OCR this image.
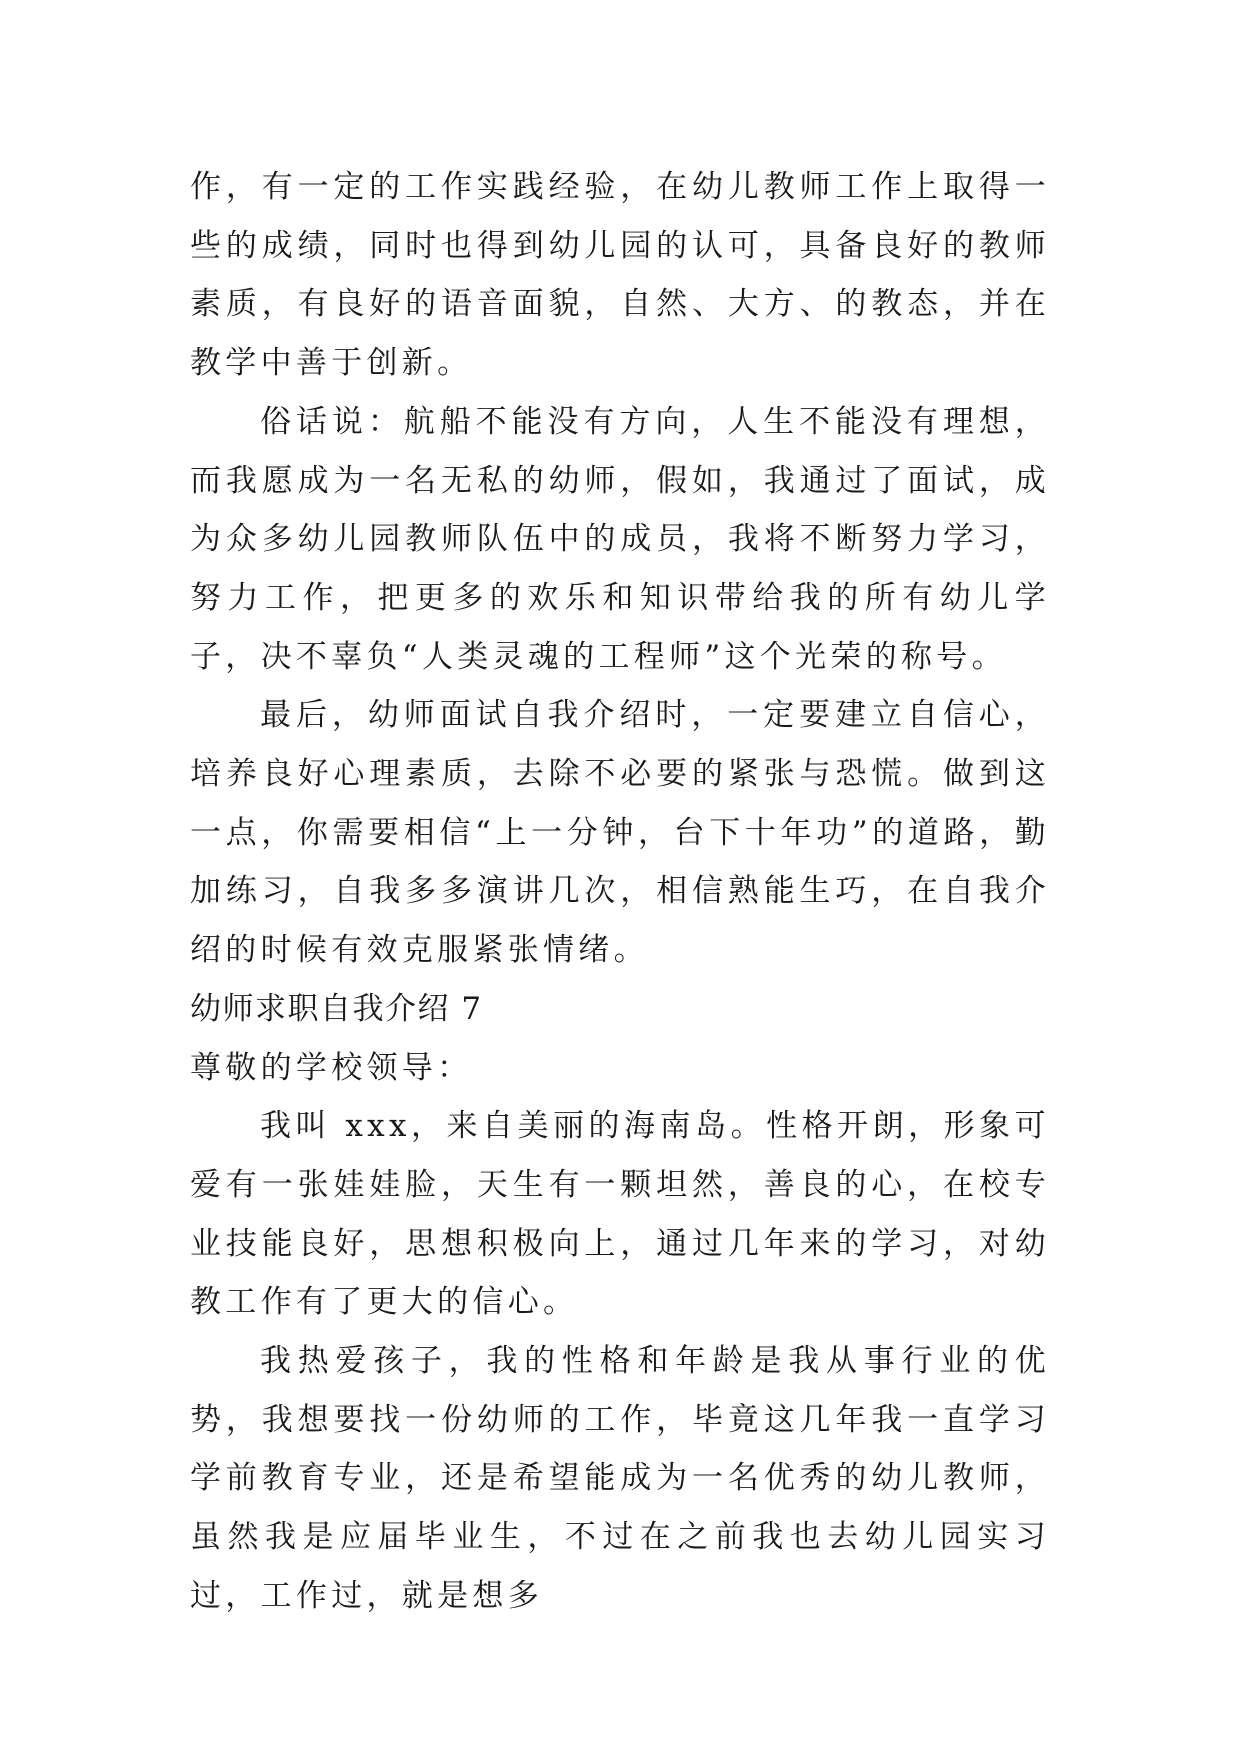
作，有一定的工作实践经验，在幼儿教师工作上取得一些的成绩，同时也得到幼儿园的认可，具备良好的教师素质，有良好的语音面貌，自然、大方、的教态，并在教学中善于创新。

俗话说：航船不能没有方向，人生不能没有理想，而我愿成为一名无私的幼师，假如，我通过了面试，成为众多幼儿园教师队伍中的成员，我将不断努力学习，努力工作，把更多的欢乐和知识带给我的所有幼儿学子，决不辜负“人类灵魂的工程师”这个光荣的称号。

最后，幼师面试自我介绍时，一定要建立自信心，培养良好心理素质，去除不必要的紧张与恐慌。做到这一点，你需要相信“上一分钟，台下十年功”的道路，勤加练习，自我多多演讲几次，相信熟能生巧，在自我介绍的时候有效克服紧张情绪。

幼师求职自我介绍 7

尊敬的学校领导：

我叫 xxx，来自美丽的海南岛。性格开朗，形象可爱有一张娃娃脸，天生有一颗坦然，善良的心，在校专业技能良好，思想积极向上，通过几年来的学习，对幼教工作有了更大的信心。

我热爱孩子，我的性格和年龄是我从事行业的优势，我想要找一份幼师的工作，毕竟这几年我一直学习学前教育专业，还是希望能成为一名优秀的幼儿教师，虽然我是应届毕业生，不过在之前我也去幼儿园实习过，工作过，就是想多
